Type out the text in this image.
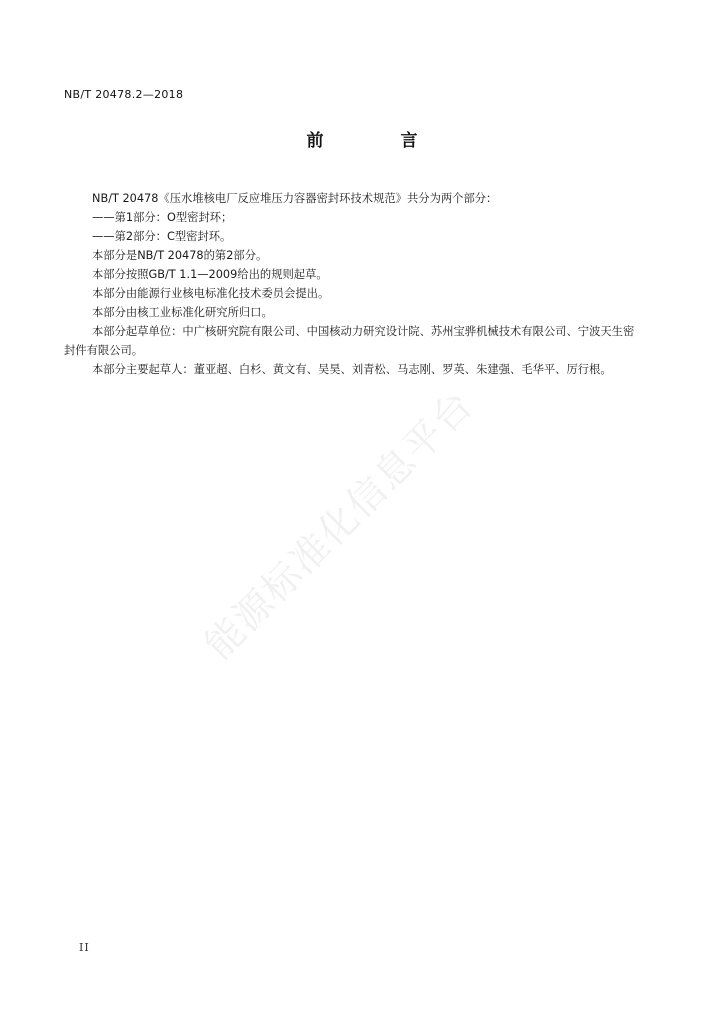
能源标准化信息平台
NB/T 20478.2—2018
前　言

NB/T 20478《压水堆核电厂反应堆压力容器密封环技术规范》共分为两个部分：

——第1部分：O型密封环；

——第2部分：C型密封环。

本部分是NB/T 20478的第2部分。

本部分按照GB/T 1.1—2009给出的规则起草。

本部分由能源行业核电标准化技术委员会提出。

本部分由核工业标准化研究所归口。

本部分起草单位：中广核研究院有限公司、中国核动力研究设计院、苏州宝骅机械技术有限公司、宁波天生密封件有限公司。

本部分主要起草人：董亚超、白杉、黄文有、吴昊、刘青松、马志刚、罗英、朱建强、毛华平、厉行根。

II
